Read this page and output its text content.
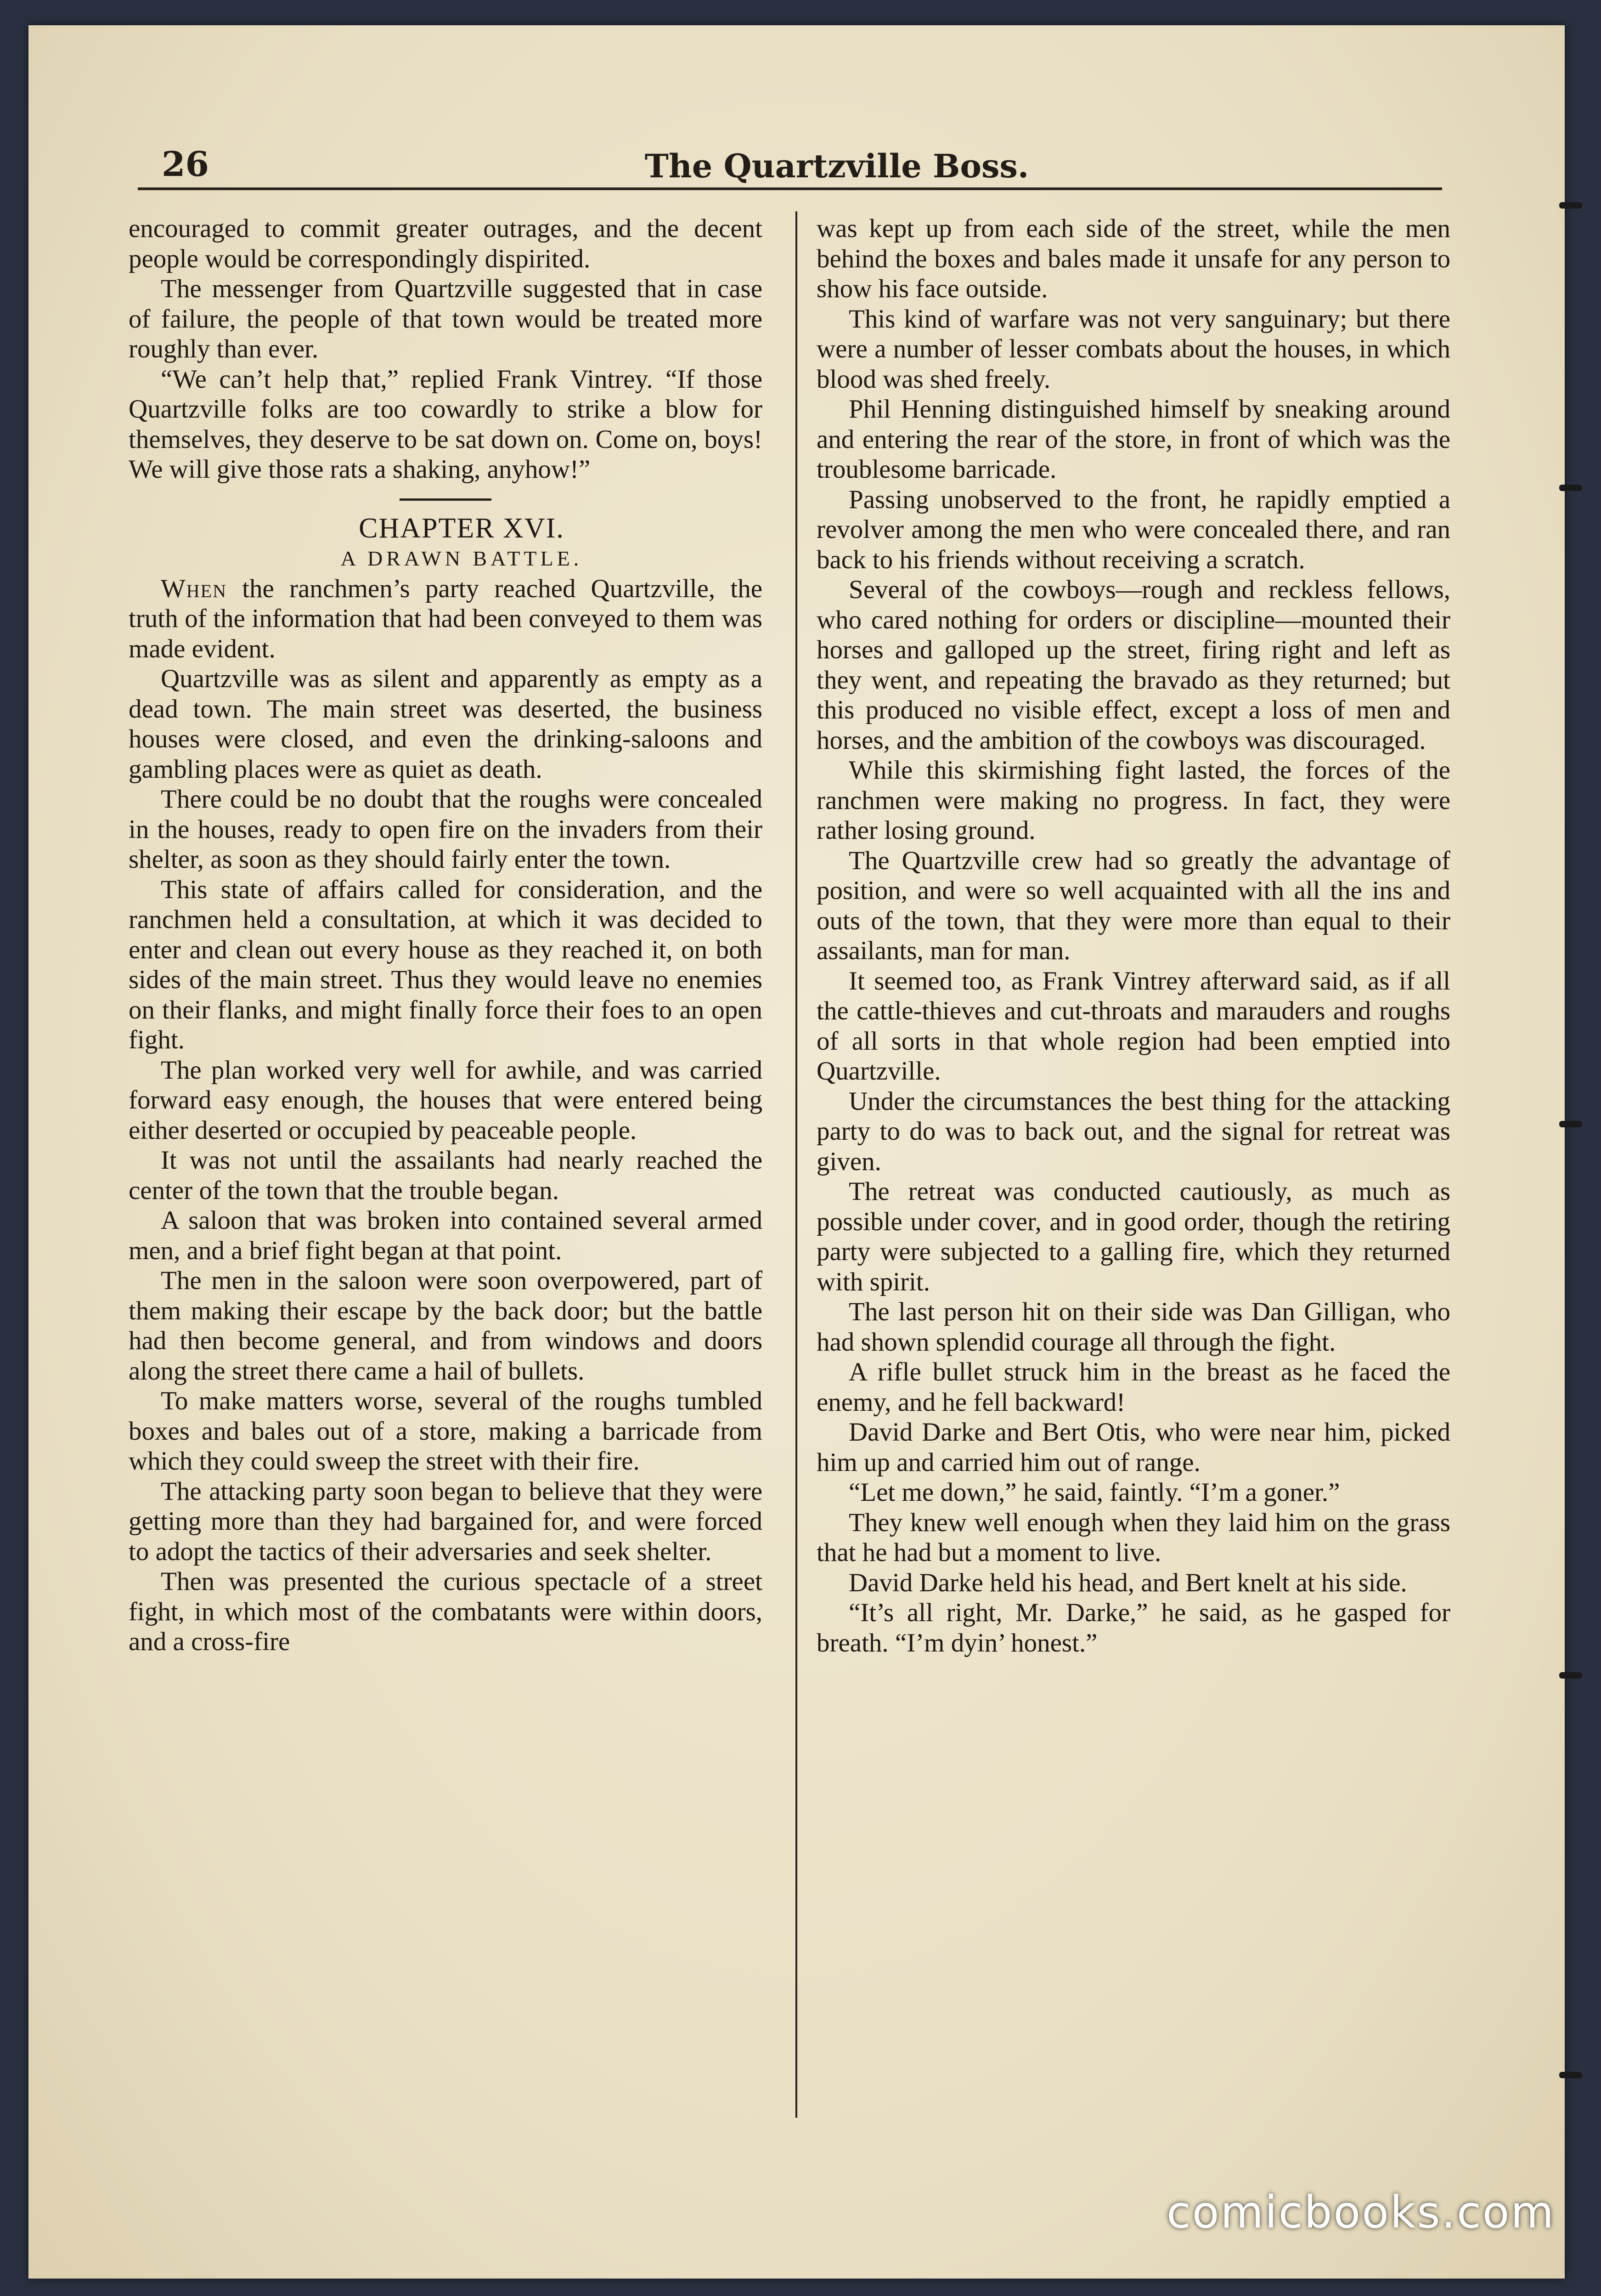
26	The Quartzville Boss.

encouraged to commit greater outrages, and the decent people would be correspondingly dispirited.

The messenger from Quartzville suggested that in case of failure, the people of that town would be treated more roughly than ever.

“We can’t help that,” replied Frank Vintrey. “If those Quartzville folks are too cowardly to strike a blow for themselves, they deserve to be sat down on. Come on, boys! We will give those rats a shaking, anyhow!”

CHAPTER XVI.

A DRAWN BATTLE.

When the ranchmen’s party reached Quartzville, the truth of the information that had been conveyed to them was made evident.

Quartzville was as silent and apparently as empty as a dead town. The main street was deserted, the business houses were closed, and even the drinking-saloons and gambling places were as quiet as death.

There could be no doubt that the roughs were concealed in the houses, ready to open fire on the invaders from their shelter, as soon as they should fairly enter the town.

This state of affairs called for consideration, and the ranchmen held a consultation, at which it was decided to enter and clean out every house as they reached it, on both sides of the main street. Thus they would leave no enemies on their flanks, and might finally force their foes to an open fight.

The plan worked very well for awhile, and was carried forward easy enough, the houses that were entered being either deserted or occupied by peaceable people.

It was not until the assailants had nearly reached the center of the town that the trouble began.

A saloon that was broken into contained several armed men, and a brief fight began at that point.

The men in the saloon were soon overpowered, part of them making their escape by the back door; but the battle had then become general, and from windows and doors along the street there came a hail of bullets.

To make matters worse, several of the roughs tumbled boxes and bales out of a store, making a barricade from which they could sweep the street with their fire.

The attacking party soon began to believe that they were getting more than they had bargained for, and were forced to adopt the tactics of their adversaries and seek shelter.

Then was presented the curious spectacle of a street fight, in which most of the combatants were within doors, and a cross-fire

was kept up from each side of the street, while the men behind the boxes and bales made it unsafe for any person to show his face outside.

This kind of warfare was not very sanguinary; but there were a number of lesser combats about the houses, in which blood was shed freely.

Phil Henning distinguished himself by sneaking around and entering the rear of the store, in front of which was the troublesome barricade.

Passing unobserved to the front, he rapidly emptied a revolver among the men who were concealed there, and ran back to his friends without receiving a scratch.

Several of the cowboys—rough and reckless fellows, who cared nothing for orders or discipline—mounted their horses and galloped up the street, firing right and left as they went, and repeating the bravado as they returned; but this produced no visible effect, except a loss of men and horses, and the ambition of the cowboys was discouraged.

While this skirmishing fight lasted, the forces of the ranchmen were making no progress. In fact, they were rather losing ground.

The Quartzville crew had so greatly the advantage of position, and were so well acquainted with all the ins and outs of the town, that they were more than equal to their assailants, man for man.

It seemed too, as Frank Vintrey afterward said, as if all the cattle-thieves and cut-throats and marauders and roughs of all sorts in that whole region had been emptied into Quartzville.

Under the circumstances the best thing for the attacking party to do was to back out, and the signal for retreat was given.

The retreat was conducted cautiously, as much as possible under cover, and in good order, though the retiring party were subjected to a galling fire, which they returned with spirit.

The last person hit on their side was Dan Gilligan, who had shown splendid courage all through the fight.

A rifle bullet struck him in the breast as he faced the enemy, and he fell backward!

David Darke and Bert Otis, who were near him, picked him up and carried him out of range.

“Let me down,” he said, faintly. “I’m a goner.”

They knew well enough when they laid him on the grass that he had but a moment to live.

David Darke held his head, and Bert knelt at his side.

“It’s all right, Mr. Darke,” he said, as he gasped for breath. “I’m dyin’ honest.”

comicbooks.com
